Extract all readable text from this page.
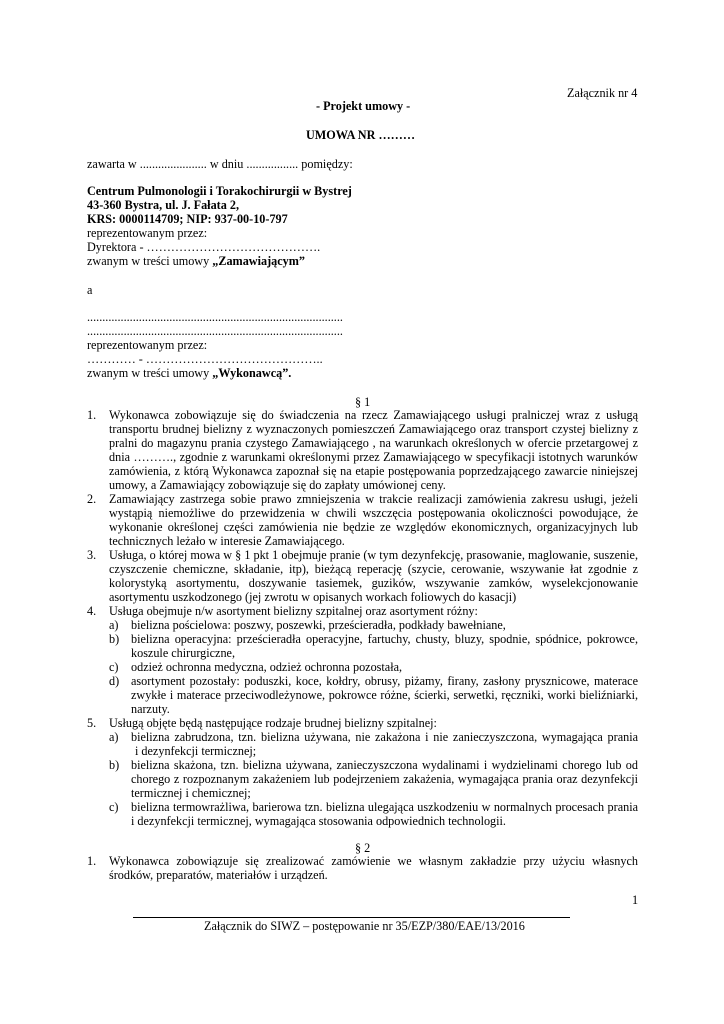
Załącznik nr 4
- Projekt umowy -
UMOWA NR ………
zawarta w ...................... w dniu ................. pomiędzy:
Centrum Pulmonologii i Torakochirurgii w Bystrej
43-360 Bystra, ul. J. Fałata 2,
KRS: 0000114709; NIP: 937-00-10-797
reprezentowanym przez:
Dyrektora - …………………………………….
zwanym w treści umowy „Zamawiającym”
a
....................................................................................
....................................................................................
reprezentowanym przez:
………… - ……………………………………..
zwanym w treści umowy „Wykonawcą”.
§ 1
1. Wykonawca zobowiązuje się do świadczenia na rzecz Zamawiającego usługi pralniczej wraz z usługą
transportu brudnej bielizny z wyznaczonych pomieszczeń Zamawiającego oraz transport czystej bielizny z
pralni do magazynu prania czystego Zamawiającego , na warunkach określonych w ofercie przetargowej z
dnia ………., zgodnie z warunkami określonymi przez Zamawiającego w specyfikacji istotnych warunków
zamówienia, z którą Wykonawca zapoznał się na etapie postępowania poprzedzającego zawarcie niniejszej
umowy, a Zamawiający zobowiązuje się do zapłaty umówionej ceny.
2. Zamawiający zastrzega sobie prawo zmniejszenia w trakcie realizacji zamówienia zakresu usługi, jeżeli
wystąpią niemożliwe do przewidzenia w chwili wszczęcia postępowania okoliczności powodujące, że
wykonanie określonej części zamówienia nie będzie ze względów ekonomicznych, organizacyjnych lub
technicznych leżało w interesie Zamawiającego.
3. Usługa, o której mowa w § 1 pkt 1 obejmuje pranie (w tym dezynfekcję, prasowanie, maglowanie, suszenie,
czyszczenie chemiczne, składanie, itp), bieżącą reperację (szycie, cerowanie, wszywanie łat zgodnie z
kolorystyką asortymentu, doszywanie tasiemek, guzików, wszywanie zamków, wyselekcjonowanie
asortymentu uszkodzonego (jej zwrotu w opisanych workach foliowych do kasacji)
4. Usługa obejmuje n/w asortyment bielizny szpitalnej oraz asortyment różny:
a) bielizna pościelowa: poszwy, poszewki, prześcieradła, podkłady bawełniane,
b) bielizna operacyjna: prześcieradła operacyjne, fartuchy, chusty, bluzy, spodnie, spódnice, pokrowce,
koszule chirurgiczne,
c) odzież ochronna medyczna, odzież ochronna pozostała,
d) asortyment pozostały: poduszki, koce, kołdry, obrusy, piżamy, firany, zasłony prysznicowe, materace
zwykłe i materace przeciwodleżynowe, pokrowce różne, ścierki, serwetki, ręczniki, worki bieliźniarki,
narzuty.
5. Usługą objęte będą następujące rodzaje brudnej bielizny szpitalnej:
a) bielizna zabrudzona, tzn. bielizna używana, nie zakażona i nie zanieczyszczona, wymagająca prania
i dezynfekcji termicznej;
b) bielizna skażona, tzn. bielizna używana, zanieczyszczona wydalinami i wydzielinami chorego lub od
chorego z rozpoznanym zakażeniem lub podejrzeniem zakażenia, wymagająca prania oraz dezynfekcji
termicznej i chemicznej;
c) bielizna termowrażliwa, barierowa tzn. bielizna ulegająca uszkodzeniu w normalnych procesach prania
i dezynfekcji termicznej, wymagająca stosowania odpowiednich technologii.
§ 2
1. Wykonawca zobowiązuje się zrealizować zamówienie we własnym zakładzie przy użyciu własnych
środków, preparatów, materiałów i urządzeń.
1
Załącznik do SIWZ – postępowanie nr 35/EZP/380/EAE/13/2016
